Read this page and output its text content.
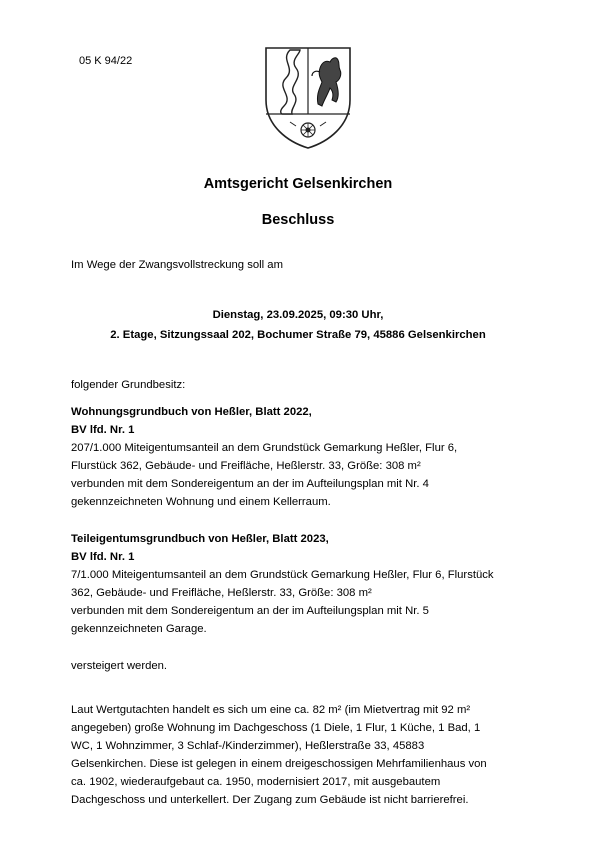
05 K 94/22
Amtsgericht Gelsenkirchen
Beschluss
Im Wege der Zwangsvollstreckung soll am
Dienstag, 23.09.2025, 09:30 Uhr,
2. Etage, Sitzungssaal 202, Bochumer Straße 79, 45886 Gelsenkirchen
folgender Grundbesitz:
Wohnungsgrundbuch von Heßler, Blatt 2022,
BV lfd. Nr. 1
207/1.000 Miteigentumsanteil an dem Grundstück Gemarkung Heßler, Flur 6,
Flurstück 362, Gebäude- und Freifläche, Heßlerstr. 33, Größe: 308 m²
verbunden mit dem Sondereigentum an der im Aufteilungsplan mit Nr. 4
gekennzeichneten Wohnung und einem Kellerraum.
Teileigentumsgrundbuch von Heßler, Blatt 2023,
BV lfd. Nr. 1
7/1.000 Miteigentumsanteil an dem Grundstück Gemarkung Heßler, Flur 6, Flurstück
362, Gebäude- und Freifläche, Heßlerstr. 33, Größe: 308 m²
verbunden mit dem Sondereigentum an der im Aufteilungsplan mit Nr. 5
gekennzeichneten Garage.
versteigert werden.
Laut Wertgutachten handelt es sich um eine ca. 82 m² (im Mietvertrag mit 92 m²
angegeben) große Wohnung im Dachgeschoss (1 Diele, 1 Flur, 1 Küche, 1 Bad, 1
WC, 1 Wohnzimmer, 3 Schlaf-/Kinderzimmer), Heßlerstraße 33, 45883
Gelsenkirchen. Diese ist gelegen in einem dreigeschossigen Mehrfamilienhaus von
ca. 1902, wiederaufgebaut ca. 1950, modernisiert 2017, mit ausgebautem
Dachgeschoss und unterkellert. Der Zugang zum Gebäude ist nicht barrierefrei.
